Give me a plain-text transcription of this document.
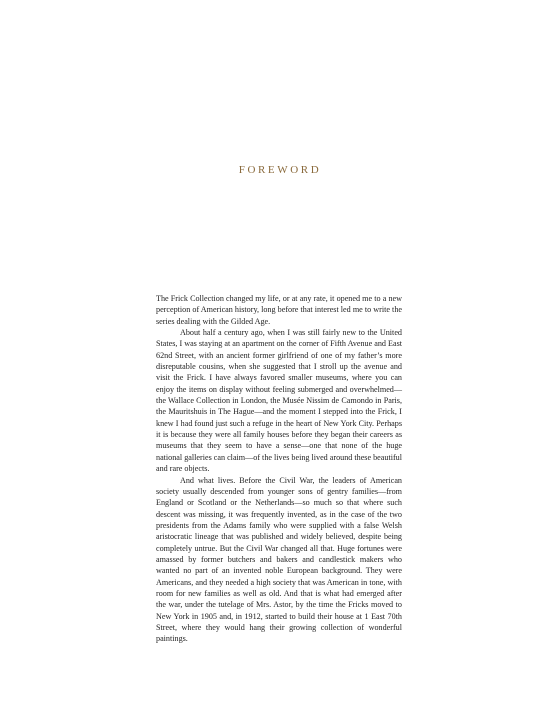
FOREWORD

The Frick Collection changed my life, or at any rate, it opened me to a new perception of American history, long before that interest led me to write the series dealing with the Gilded Age.

About half a century ago, when I was still fairly new to the United States, I was staying at an apartment on the corner of Fifth Avenue and East 62nd Street, with an ancient former girlfriend of one of my father’s more disreputable cousins, when she suggested that I stroll up the avenue and visit the Frick. I have always favored smaller museums, where you can enjoy the items on display without feeling submerged and overwhelmed—the Wallace Collection in London, the Musée Nissim de Camondo in Paris, the Mauritshuis in The Hague—and the moment I stepped into the Frick, I knew I had found just such a refuge in the heart of New York City. Perhaps it is because they were all family houses before they began their careers as museums that they seem to have a sense—one that none of the huge national galleries can claim—of the lives being lived around these beautiful and rare objects.

And what lives. Before the Civil War, the leaders of American society usually descended from younger sons of gentry families—from England or Scotland or the Netherlands—so much so that where such descent was missing, it was frequently invented, as in the case of the two presidents from the Adams family who were supplied with a false Welsh aristocratic lineage that was published and widely believed, despite being completely untrue. But the Civil War changed all that. Huge fortunes were amassed by former butchers and bakers and candlestick makers who wanted no part of an invented noble European background. They were Americans, and they needed a high society that was American in tone, with room for new families as well as old. And that is what had emerged after the war, under the tutelage of Mrs. Astor, by the time the Fricks moved to New York in 1905 and, in 1912, started to build their house at 1 East 70th Street, where they would hang their growing collection of wonderful paintings.
